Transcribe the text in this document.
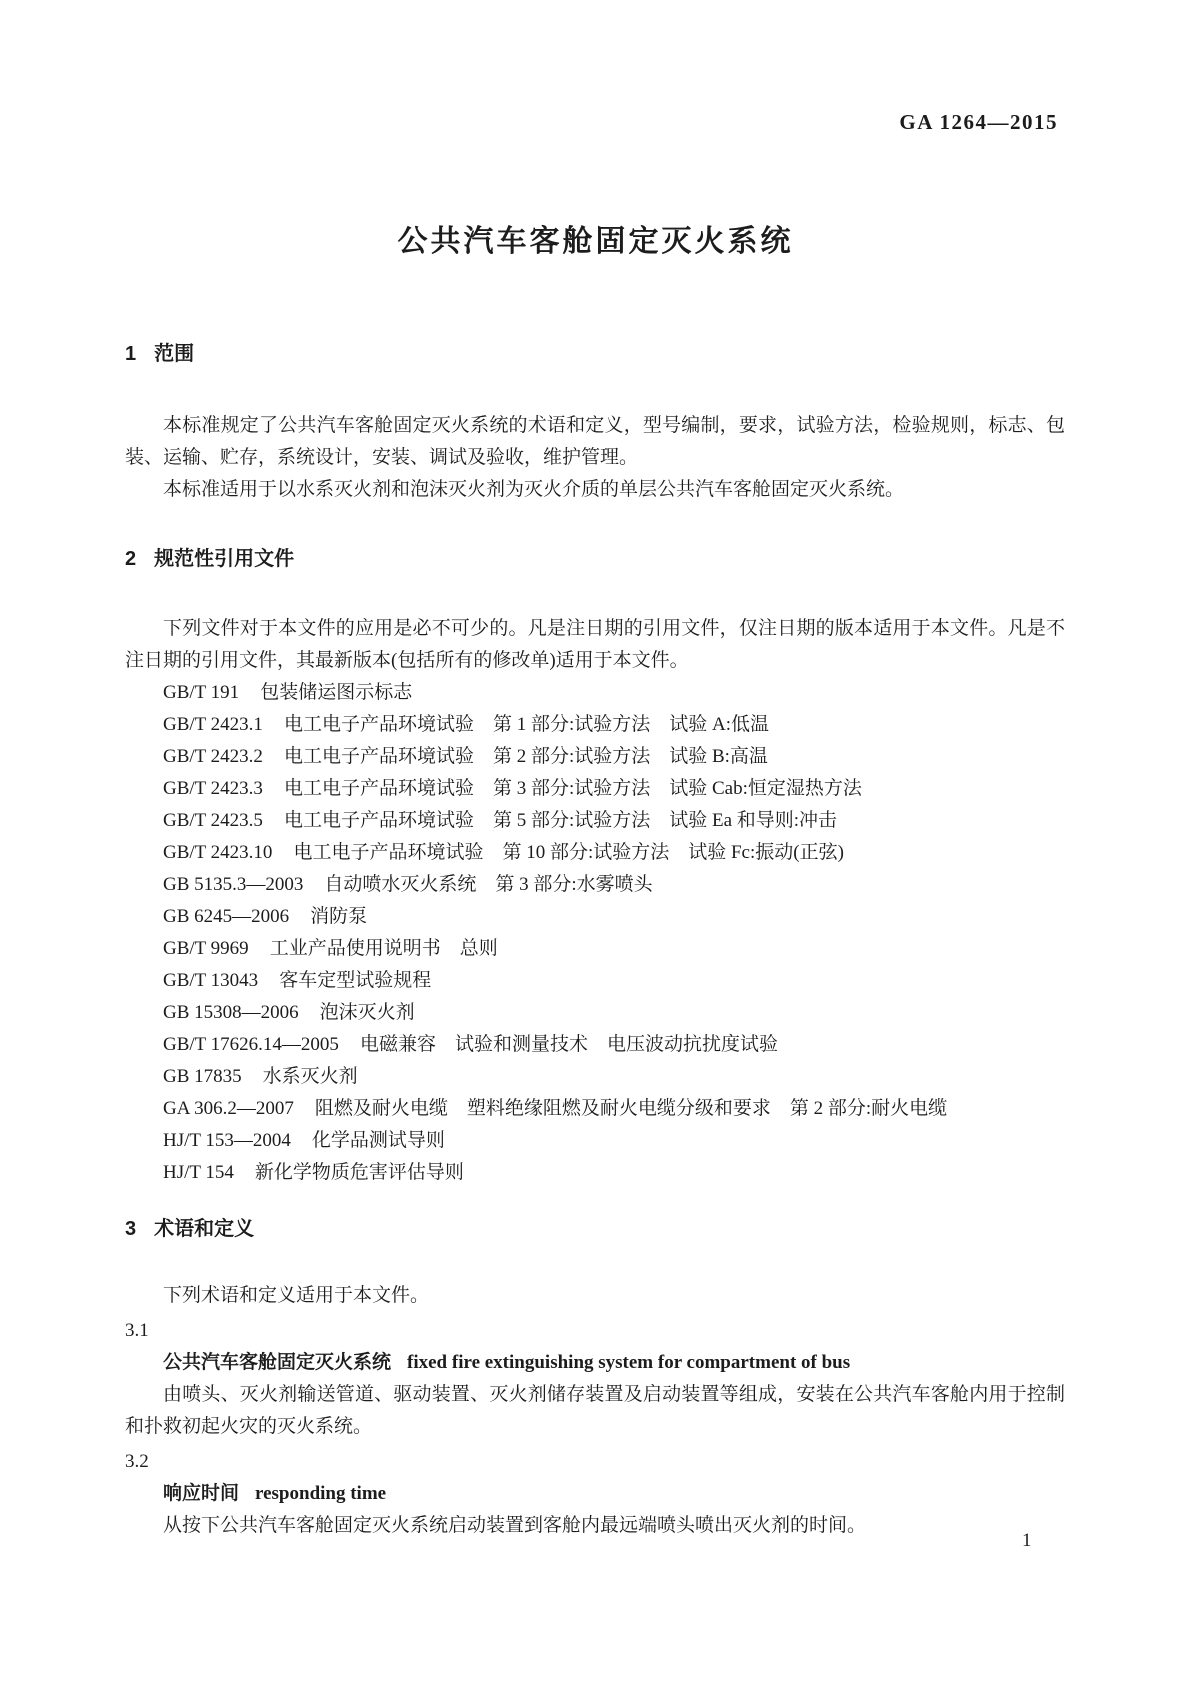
GA 1264—2015
公共汽车客舱固定灭火系统
1 范围

本标准规定了公共汽车客舱固定灭火系统的术语和定义，型号编制，要求，试验方法，检验规则，标志、包装、运输、贮存，系统设计，安装、调试及验收，维护管理。

本标准适用于以水系灭火剂和泡沫灭火剂为灭火介质的单层公共汽车客舱固定灭火系统。

2 规范性引用文件

下列文件对于本文件的应用是必不可少的。凡是注日期的引用文件，仅注日期的版本适用于本文件。凡是不注日期的引用文件，其最新版本(包括所有的修改单)适用于本文件。

GB/T 191 包装储运图示标志
GB/T 2423.1 电工电子产品环境试验　第 1 部分:试验方法　试验 A:低温
GB/T 2423.2 电工电子产品环境试验　第 2 部分:试验方法　试验 B:高温
GB/T 2423.3 电工电子产品环境试验　第 3 部分:试验方法　试验 Cab:恒定湿热方法
GB/T 2423.5 电工电子产品环境试验　第 5 部分:试验方法　试验 Ea 和导则:冲击
GB/T 2423.10 电工电子产品环境试验　第 10 部分:试验方法　试验 Fc:振动(正弦)
GB 5135.3—2003 自动喷水灭火系统　第 3 部分:水雾喷头
GB 6245—2006 消防泵
GB/T 9969 工业产品使用说明书　总则
GB/T 13043 客车定型试验规程
GB 15308—2006 泡沫灭火剂
GB/T 17626.14—2005 电磁兼容　试验和测量技术　电压波动抗扰度试验
GB 17835 水系灭火剂
GA 306.2—2007 阻燃及耐火电缆　塑料绝缘阻燃及耐火电缆分级和要求　第 2 部分:耐火电缆
HJ/T 153—2004 化学品测试导则
HJ/T 154 新化学物质危害评估导则
3 术语和定义

下列术语和定义适用于本文件。

3.1

公共汽车客舱固定灭火系统 fixed fire extinguishing system for compartment of bus

由喷头、灭火剂输送管道、驱动装置、灭火剂储存装置及启动装置等组成，安装在公共汽车客舱内用于控制和扑救初起火灾的灭火系统。

3.2

响应时间 responding time

从按下公共汽车客舱固定灭火系统启动装置到客舱内最远端喷头喷出灭火剂的时间。

1
